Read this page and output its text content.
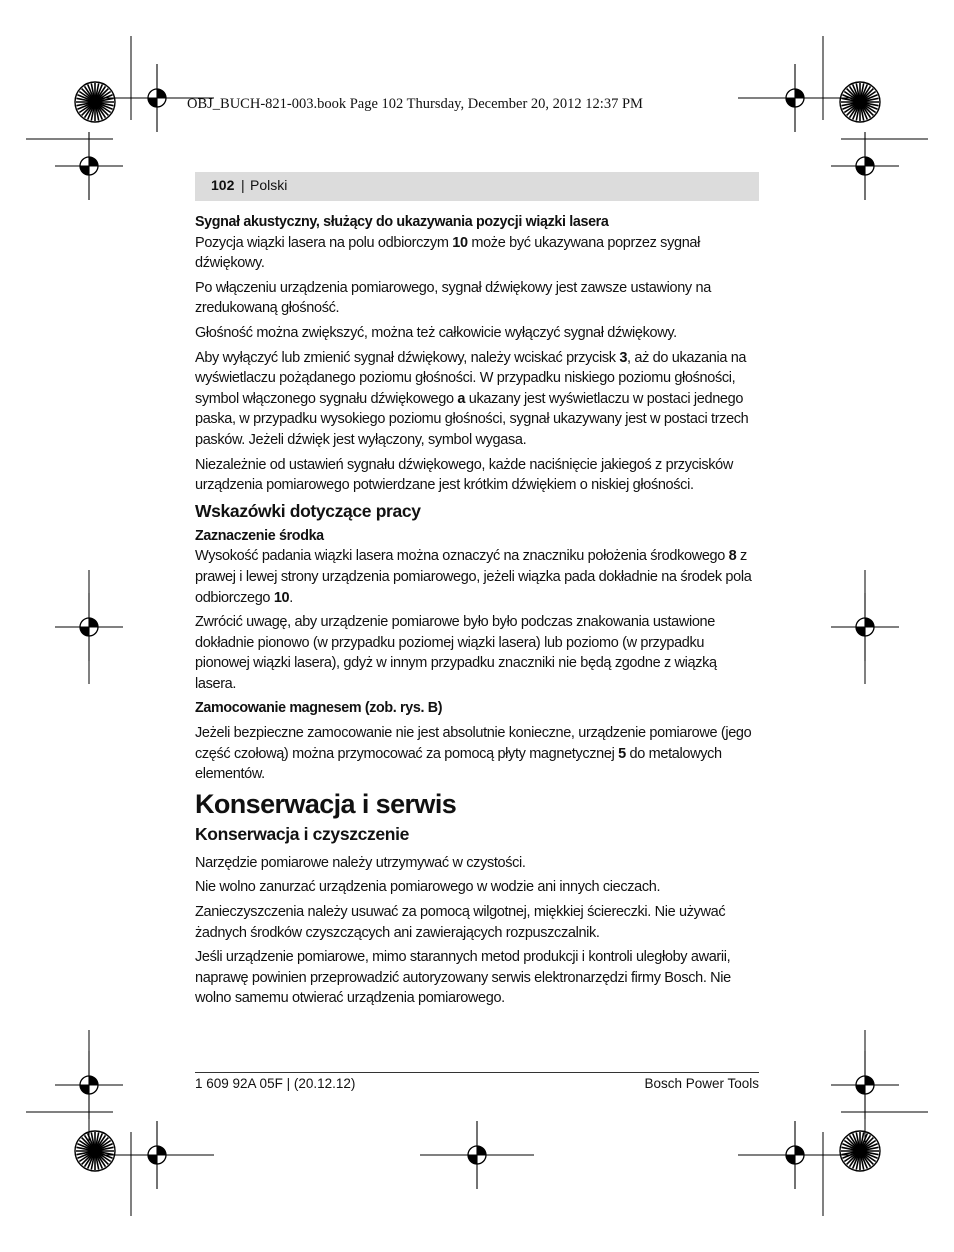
OBJ_BUCH-821-003.book Page 102 Thursday, December 20, 2012 12:37 PM
102 | Polski

Sygnał akustyczny, służący do ukazywania pozycji wiązki lasera

Pozycja wiązki lasera na polu odbiorczym 10 może być ukazywana poprzez sygnał dźwiękowy.

Po włączeniu urządzenia pomiarowego, sygnał dźwiękowy jest zawsze ustawiony na zredukowaną głośność.

Głośność można zwiększyć, można też całkowicie wyłączyć sygnał dźwiękowy.

Aby wyłączyć lub zmienić sygnał dźwiękowy, należy wciskać przycisk 3, aż do ukazania na wyświetlaczu pożądanego poziomu głośności. W przypadku niskiego poziomu głośności, symbol włączonego sygnału dźwiękowego a ukazany jest wyświetlaczu w postaci jednego paska, w przypadku wysokiego poziomu głośności, sygnał ukazywany jest w postaci trzech pasków. Jeżeli dźwięk jest wyłączony, symbol wygasa.

Niezależnie od ustawień sygnału dźwiękowego, każde naciśnięcie jakiegoś z przycisków urządzenia pomiarowego potwierdzane jest krótkim dźwiękiem o niskiej głośności.

Wskazówki dotyczące pracy

Zaznaczenie środka

Wysokość padania wiązki lasera można oznaczyć na znaczniku położenia środkowego 8 z prawej i lewej strony urządzenia pomiarowego, jeżeli wiązka pada dokładnie na środek pola odbiorczego 10.

Zwrócić uwagę, aby urządzenie pomiarowe było było podczas znakowania ustawione dokładnie pionowo (w przypadku poziomej wiązki lasera) lub poziomo (w przypadku pionowej wiązki lasera), gdyż w innym przypadku znaczniki nie będą zgodne z wiązką lasera.

Zamocowanie magnesem (zob. rys. B)

Jeżeli bezpieczne zamocowanie nie jest absolutnie konieczne, urządzenie pomiarowe (jego część czołową) można przymocować za pomocą płyty magnetycznej 5 do metalowych elementów.

Konserwacja i serwis

Konserwacja i czyszczenie

Narzędzie pomiarowe należy utrzymywać w czystości.

Nie wolno zanurzać urządzenia pomiarowego w wodzie ani innych cieczach.

Zanieczyszczenia należy usuwać za pomocą wilgotnej, miękkiej ściereczki. Nie używać żadnych środków czyszczących ani zawierających rozpuszczalnik.

Jeśli urządzenie pomiarowe, mimo starannych metod produkcji i kontroli uległoby awarii, naprawę powinien przeprowadzić autoryzowany serwis elektronarzędzi firmy Bosch. Nie wolno samemu otwierać urządzenia pomiarowego.

1 609 92A 05F | (20.12.12)	Bosch Power Tools
